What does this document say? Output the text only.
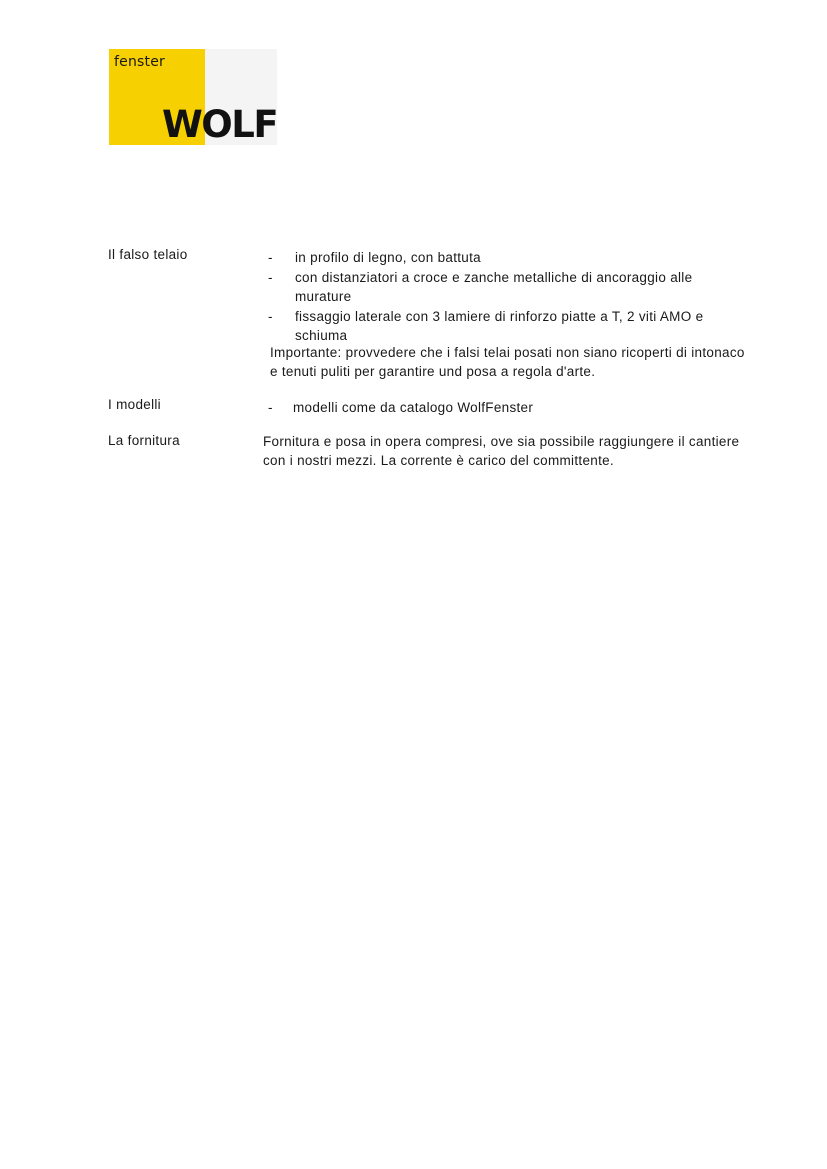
fenster
WOLF
Il falso telaio	- in profilo di legno, con battuta
- con distanziatori a croce e zanche metalliche di ancoraggio alle murature
- fissaggio laterale con 3 lamiere di rinforzo piatte a T, 2 viti AMO e schiuma
Importante: provvedere che i falsi telai posati non siano ricoperti di intonaco e tenuti puliti per garantire und posa a regola d'arte.
I modelli	- modelli come da catalogo WolfFenster
La fornitura	Fornitura e posa in opera compresi, ove sia possibile raggiungere il cantiere con i nostri mezzi. La corrente è carico del committente.
